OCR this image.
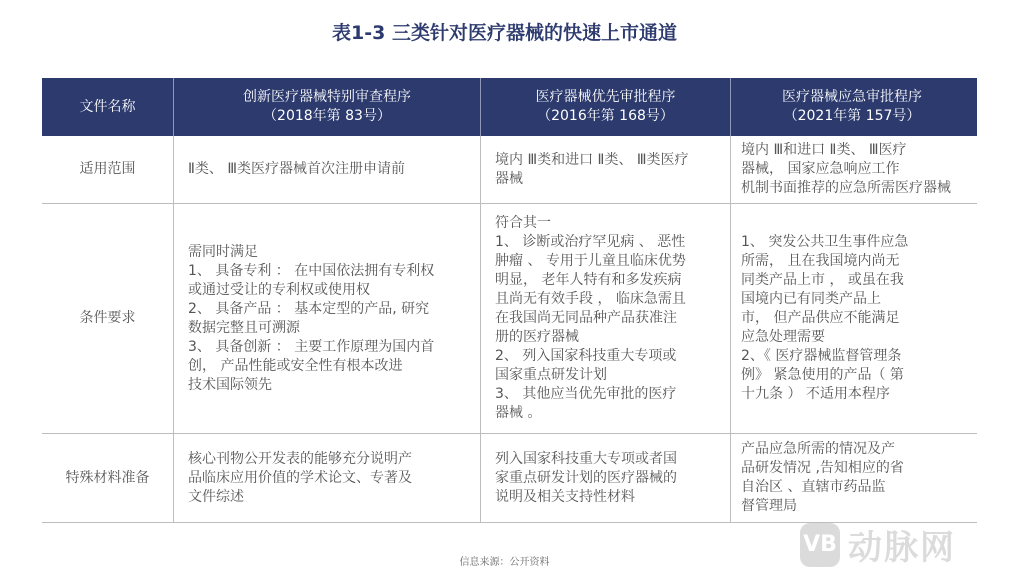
表1-3 三类针对医疗器械的快速上市通道
文件名称
创新医疗器械特别审查程序
（2018年第 83号）
医疗器械优先审批程序
（2016年第 168号）
医疗器械应急审批程序
（2021年第 157号）
适用范围	Ⅱ类、 Ⅲ类医疗器械首次注册申请前
境内 Ⅲ类和进口 Ⅱ类、 Ⅲ类医疗
器械
境内 Ⅲ和进口 Ⅱ类、 Ⅲ医疗
器械， 国家应急响应工作
机制书面推荐的应急所需医疗器械
条件要求
需同时满足
1、 具备专利 ： 在中国依法拥有专利权
或通过受让的专利权或使用权
2、 具备产品 ： 基本定型的产品, 研究
数据完整且可溯源
3、 具备创新 ： 主要工作原理为国内首
创， 产品性能或安全性有根本改进
技术国际领先
符合其一
1、 诊断或治疗罕见病 、 恶性
肿瘤 、 专用于儿童且临床优势
明显， 老年人特有和多发疾病
且尚无有效手段 ， 临床急需且
在我国尚无同品种产品获准注
册的医疗器械
2、 列入国家科技重大专项或
国家重点研发计划
3、 其他应当优先审批的医疗
器械 。
1、 突发公共卫生事件应急
所需， 且在我国境内尚无
同类产品上市 ， 或虽在我
国境内已有同类产品上
市， 但产品供应不能满足
应急处理需要
2、《 医疗器械监督管理条
例》 紧急使用的产品（ 第
十九条 ） 不适用本程序
特殊材料准备
核心刊物公开发表的能够充分说明产
品临床应用价值的学术论文、专著及
文件综述
列入国家科技重大专项或者国
家重点研发计划的医疗器械的
说明及相关支持性材料
产品应急所需的情况及产
品研发情况 ,告知相应的省
自治区 、直辖市药品监
督管理局
信息来源：公开资料
VB 动脉网
